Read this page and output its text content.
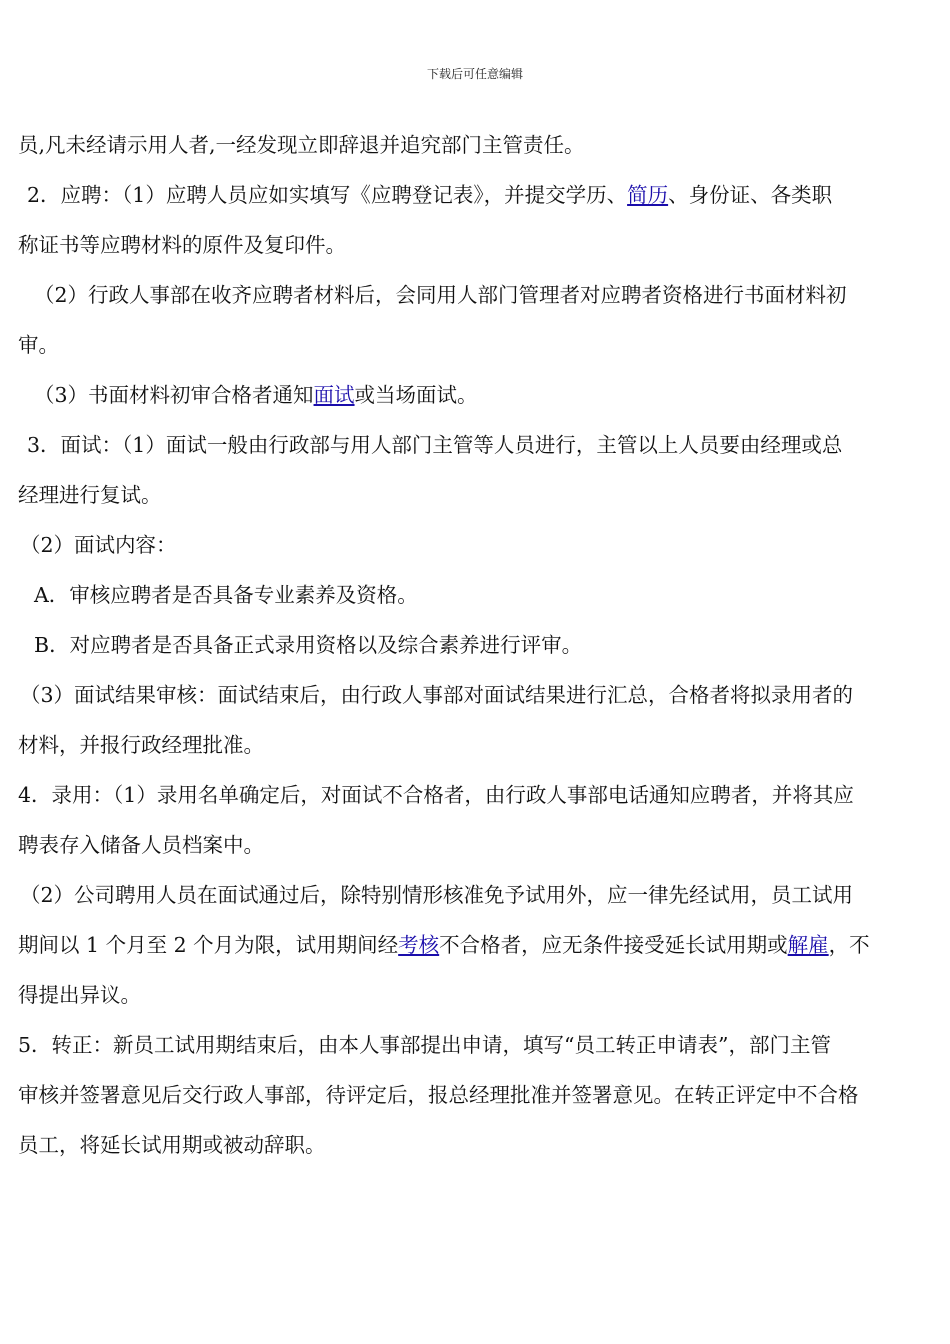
下载后可任意编辑

员,凡未经请示用人者,一经发现立即辞退并追究部门主管责任。

2．应聘：（1）应聘人员应如实填写《应聘登记表》，并提交学历、简历、身份证、各类职

称证书等应聘材料的原件及复印件。

（2）行政人事部在收齐应聘者材料后，会同用人部门管理者对应聘者资格进行书面材料初

审。

（3）书面材料初审合格者通知面试或当场面试。

3．面试：（1）面试一般由行政部与用人部门主管等人员进行，主管以上人员要由经理或总

经理进行复试。

（2）面试内容：

A．审核应聘者是否具备专业素养及资格。

B．对应聘者是否具备正式录用资格以及综合素养进行评审。

（3）面试结果审核：面试结束后，由行政人事部对面试结果进行汇总，合格者将拟录用者的

材料，并报行政经理批准。

4．录用：（1）录用名单确定后，对面试不合格者，由行政人事部电话通知应聘者，并将其应

聘表存入储备人员档案中。

（2）公司聘用人员在面试通过后，除特别情形核准免予试用外，应一律先经试用，员工试用

期间以 1 个月至 2 个月为限，试用期间经考核不合格者，应无条件接受延长试用期或解雇，不

得提出异议。

5．转正：新员工试用期结束后，由本人事部提出申请，填写“员工转正申请表”，部门主管

审核并签署意见后交行政人事部，待评定后，报总经理批准并签署意见。在转正评定中不合格

员工，将延长试用期或被动辞职。
